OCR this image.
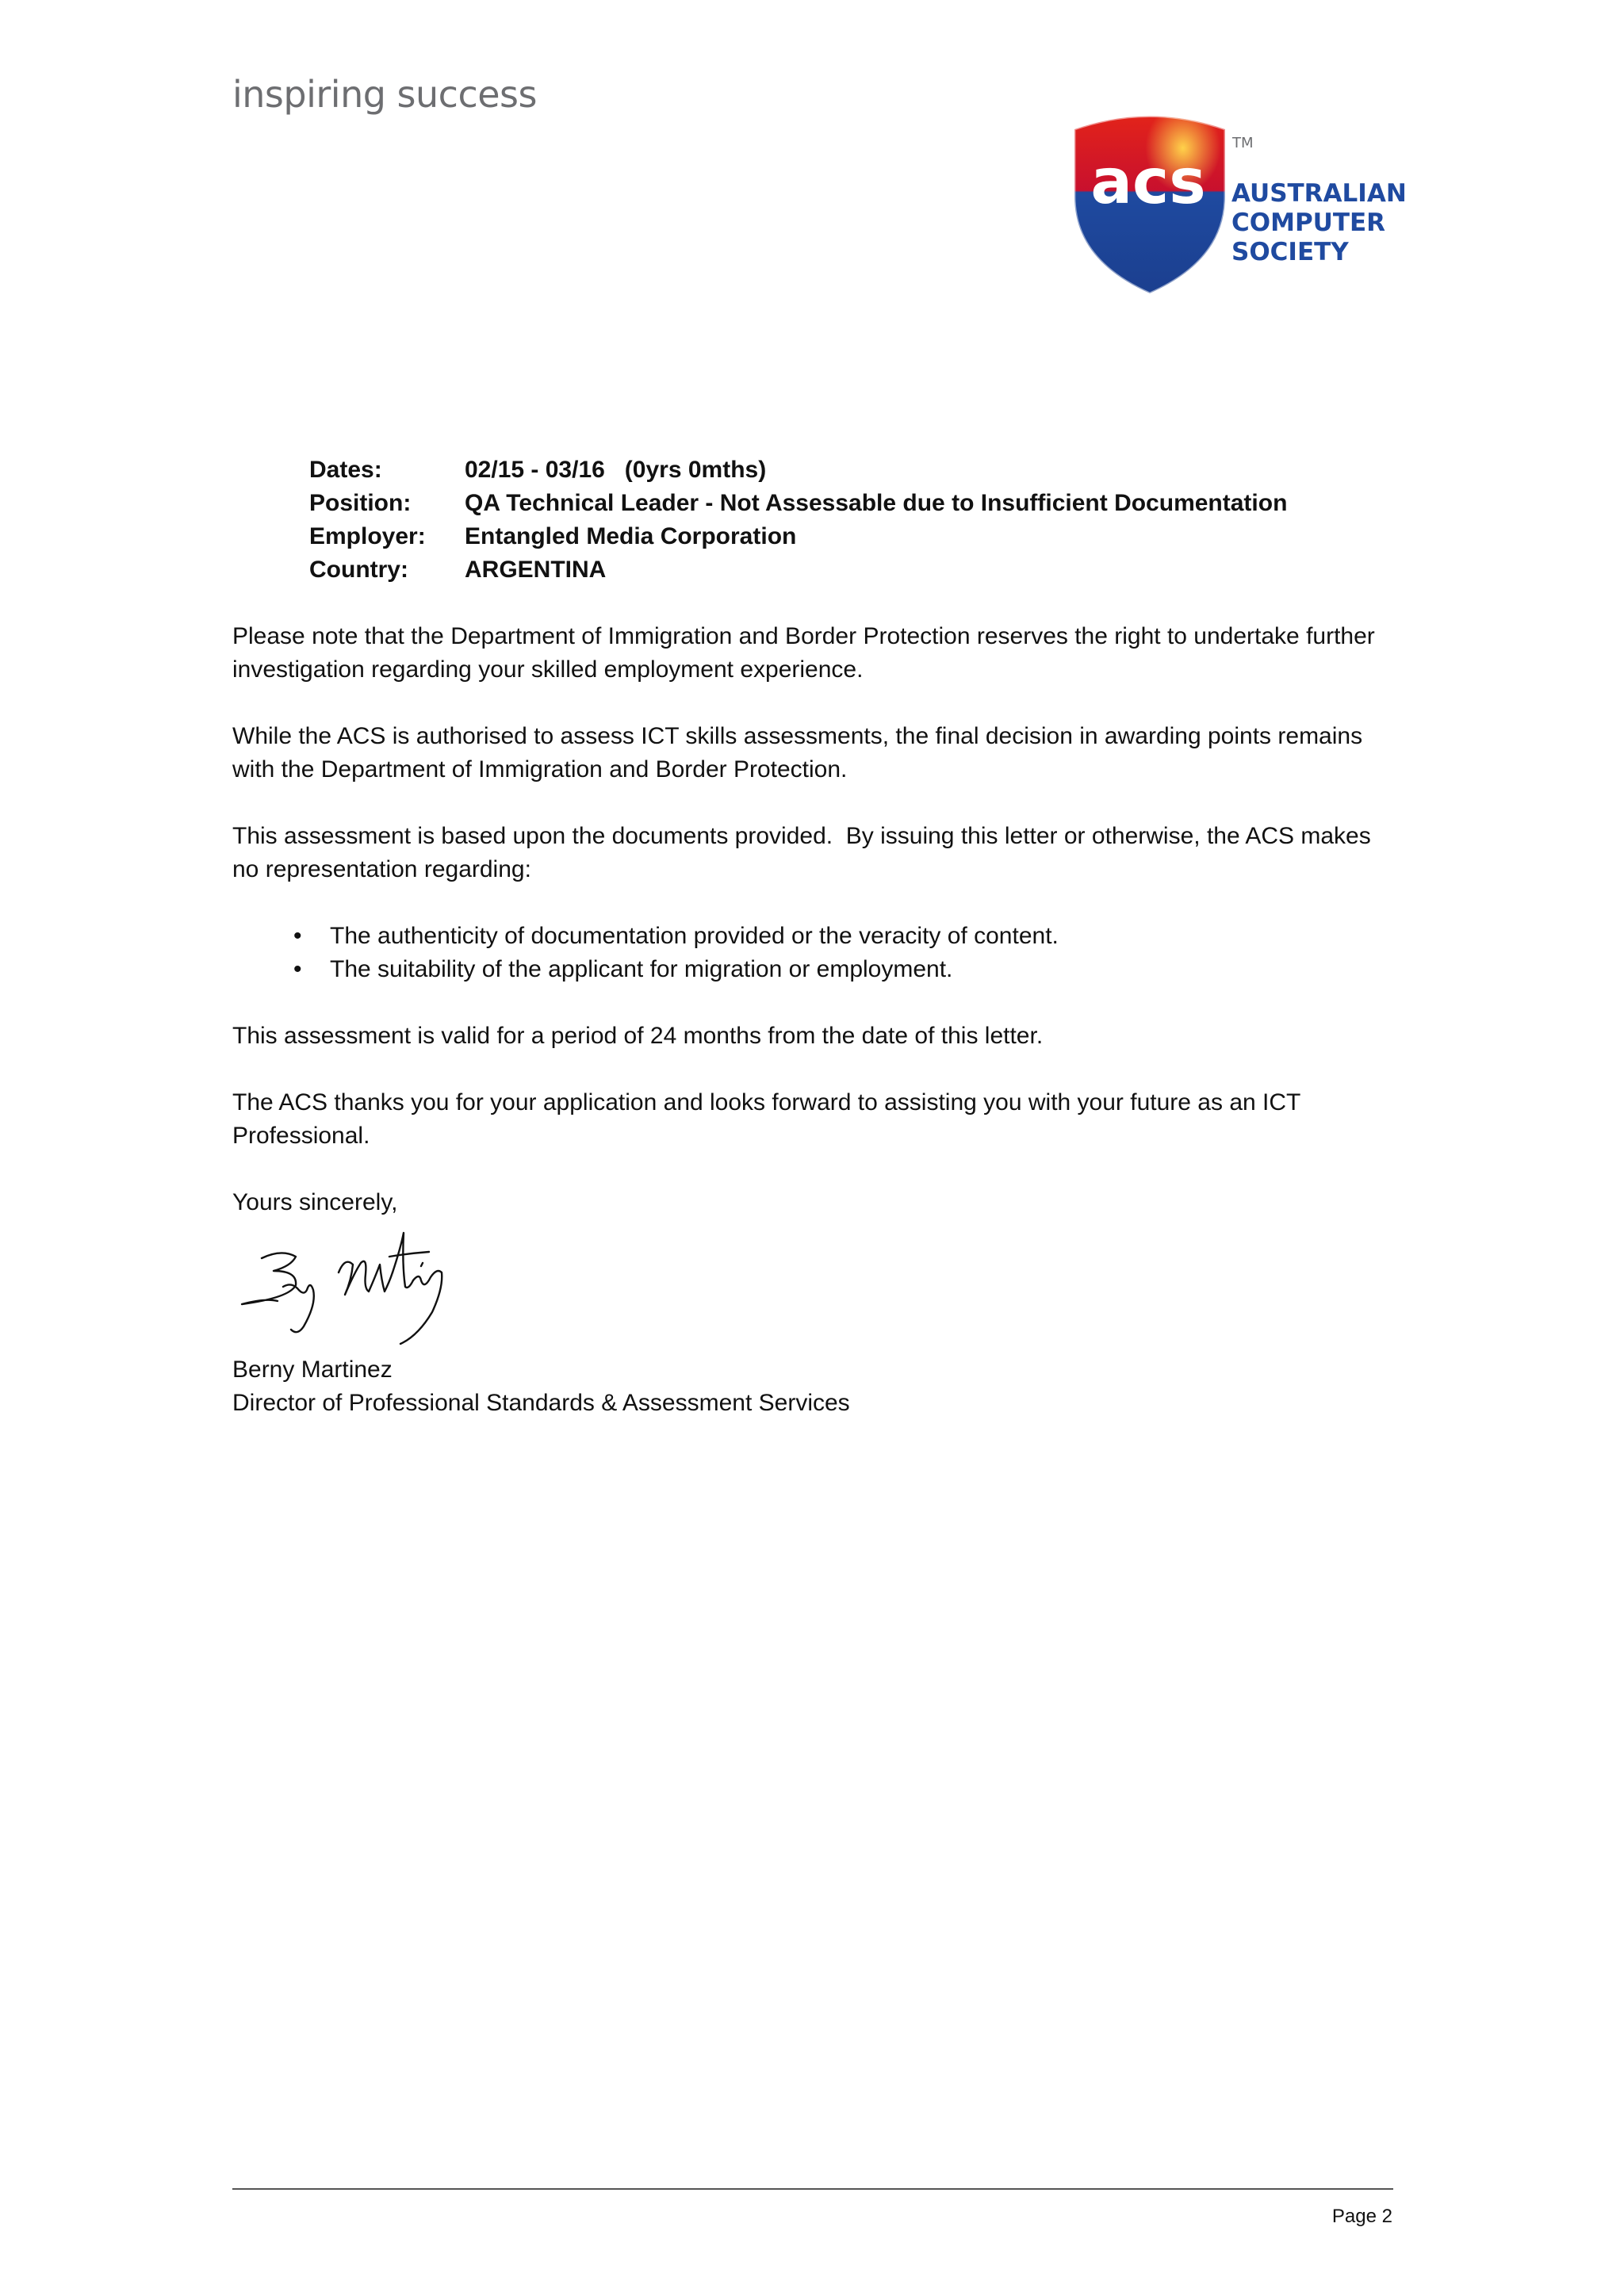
inspiring success
acs
TM
AUSTRALIAN
COMPUTER
SOCIETY
Dates:	02/15 - 03/16   (0yrs 0mths)
Position: QA Technical Leader - Not Assessable due to Insufficient Documentation
Employer: Entangled Media Corporation
Country: ARGENTINA

Please note that the Department of Immigration and Border Protection reserves the right to undertake further investigation regarding your skilled employment experience.

While the ACS is authorised to assess ICT skills assessments, the final decision in awarding points remains with the Department of Immigration and Border Protection.

This assessment is based upon the documents provided.  By issuing this letter or otherwise, the ACS makes no representation regarding:

• The authenticity of documentation provided or the veracity of content.
• The suitability of the applicant for migration or employment.

This assessment is valid for a period of 24 months from the date of this letter.

The ACS thanks you for your application and looks forward to assisting you with your future as an ICT Professional.

Yours sincerely,

Berny Martinez
Director of Professional Standards & Assessment Services
Page 2
